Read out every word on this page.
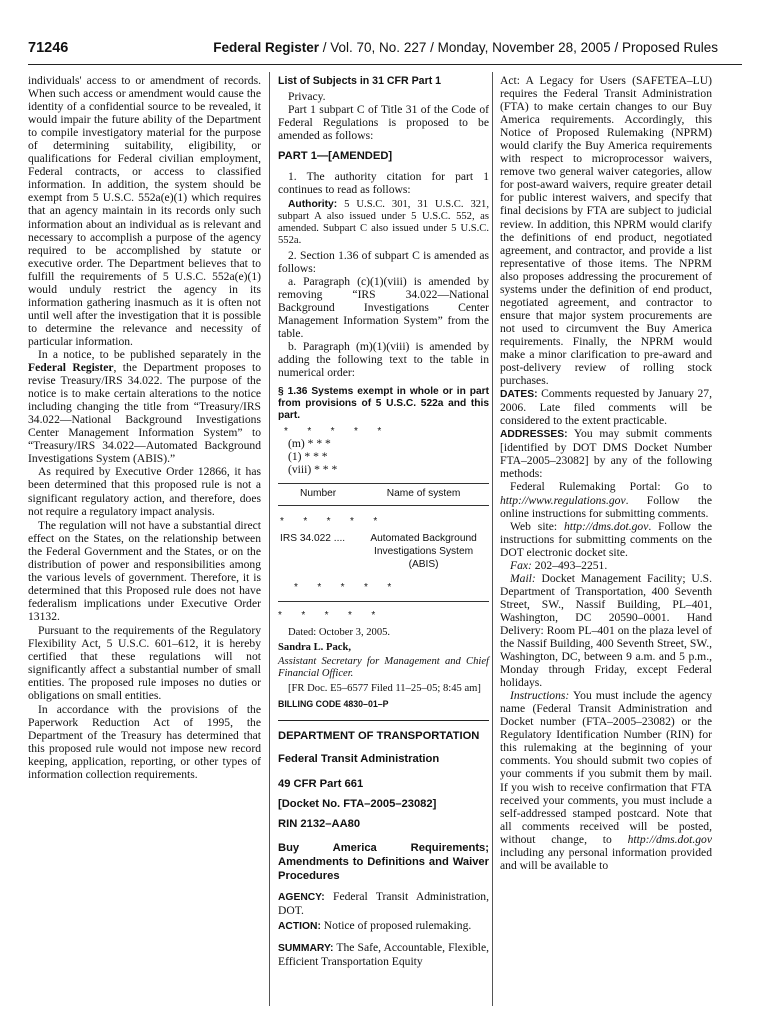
71246	Federal Register / Vol. 70, No. 227 / Monday, November 28, 2005 / Proposed Rules

individuals' access to or amendment of records. When such access or amendment would cause the identity of a confidential source to be revealed, it would impair the future ability of the Department to compile investigatory material for the purpose of determining suitability, eligibility, or qualifications for Federal civilian employment, Federal contracts, or access to classified information. In addition, the system should be exempt from 5 U.S.C. 552a(e)(1) which requires that an agency maintain in its records only such information about an individual as is relevant and necessary to accomplish a purpose of the agency required to be accomplished by statute or executive order. The Department believes that to fulfill the requirements of 5 U.S.C. 552a(e)(1) would unduly restrict the agency in its information gathering inasmuch as it is often not until well after the investigation that it is possible to determine the relevance and necessity of particular information.

In a notice, to be published separately in the Federal Register, the Department proposes to revise Treasury/IRS 34.022. The purpose of the notice is to make certain alterations to the notice including changing the title from “Treasury/IRS 34.022—National Background Investigations Center Management Information System” to “Treasury/IRS 34.022—Automated Background Investigations System (ABIS).”

As required by Executive Order 12866, it has been determined that this proposed rule is not a significant regulatory action, and therefore, does not require a regulatory impact analysis.

The regulation will not have a substantial direct effect on the States, on the relationship between the Federal Government and the States, or on the distribution of power and responsibilities among the various levels of government. Therefore, it is determined that this Proposed rule does not have federalism implications under Executive Order 13132.

Pursuant to the requirements of the Regulatory Flexibility Act, 5 U.S.C. 601–612, it is hereby certified that these regulations will not significantly affect a substantial number of small entities. The proposed rule imposes no duties or obligations on small entities.

In accordance with the provisions of the Paperwork Reduction Act of 1995, the Department of the Treasury has determined that this proposed rule would not impose new record keeping, application, reporting, or other types of information collection requirements.

List of Subjects in 31 CFR Part 1

Privacy.

Part 1 subpart C of Title 31 of the Code of Federal Regulations is proposed to be amended as follows:

PART 1—[AMENDED]

1. The authority citation for part 1 continues to read as follows:

Authority: 5 U.S.C. 301, 31 U.S.C. 321, subpart A also issued under 5 U.S.C. 552, as amended. Subpart C also issued under 5 U.S.C. 552a.

2. Section 1.36 of subpart C is amended as follows:

a. Paragraph (c)(1)(viii) is amended by removing “IRS 34.022—National Background Investigations Center Management Information System” from the table.

b. Paragraph (m)(1)(viii) is amended by adding the following text to the table in numerical order:

§ 1.36 Systems exempt in whole or in part from provisions of 5 U.S.C. 522a and this part.

*       *       *       *       *

(m) * * *

(1) * * *

(viii) * * *

Number	Name of system
*       *       *       *       *	
IRS 34.022 ....	Automated Background Investigations System (ABIS)
*       *       *       *       *	

*       *       *       *       *

Dated: October 3, 2005.

Sandra L. Pack,

Assistant Secretary for Management and Chief Financial Officer.

[FR Doc. E5–6577 Filed 11–25–05; 8:45 am]

BILLING CODE 4830–01–P

DEPARTMENT OF TRANSPORTATION

Federal Transit Administration

49 CFR Part 661

[Docket No. FTA–2005–23082]

RIN 2132–AA80

Buy America Requirements; Amendments to Definitions and Waiver Procedures

AGENCY: Federal Transit Administration, DOT.

ACTION: Notice of proposed rulemaking.

SUMMARY: The Safe, Accountable, Flexible, Efficient Transportation Equity

Act: A Legacy for Users (SAFETEA–LU) requires the Federal Transit Administration (FTA) to make certain changes to our Buy America requirements. Accordingly, this Notice of Proposed Rulemaking (NPRM) would clarify the Buy America requirements with respect to microprocessor waivers, remove two general waiver categories, allow for post-award waivers, require greater detail for public interest waivers, and specify that final decisions by FTA are subject to judicial review. In addition, this NPRM would clarify the definitions of end product, negotiated agreement, and contractor, and provide a list representative of those items. The NPRM also proposes addressing the procurement of systems under the definition of end product, negotiated agreement, and contractor to ensure that major system procurements are not used to circumvent the Buy America requirements. Finally, the NPRM would make a minor clarification to pre-award and post-delivery review of rolling stock purchases.

DATES: Comments requested by January 27, 2006. Late filed comments will be considered to the extent practicable.

ADDRESSES: You may submit comments [identified by DOT DMS Docket Number FTA–2005–23082] by any of the following methods:

Federal Rulemaking Portal: Go to http://www.regulations.gov. Follow the online instructions for submitting comments.

Web site: http://dms.dot.gov. Follow the instructions for submitting comments on the DOT electronic docket site.

Fax: 202–493–2251.

Mail: Docket Management Facility; U.S. Department of Transportation, 400 Seventh Street, SW., Nassif Building, PL–401, Washington, DC 20590–0001. Hand Delivery: Room PL–401 on the plaza level of the Nassif Building, 400 Seventh Street, SW., Washington, DC, between 9 a.m. and 5 p.m., Monday through Friday, except Federal holidays.

Instructions: You must include the agency name (Federal Transit Administration and Docket number (FTA–2005–23082) or the Regulatory Identification Number (RIN) for this rulemaking at the beginning of your comments. You should submit two copies of your comments if you submit them by mail. If you wish to receive confirmation that FTA received your comments, you must include a self-addressed stamped postcard. Note that all comments received will be posted, without change, to http://dms.dot.gov including any personal information provided and will be available to
